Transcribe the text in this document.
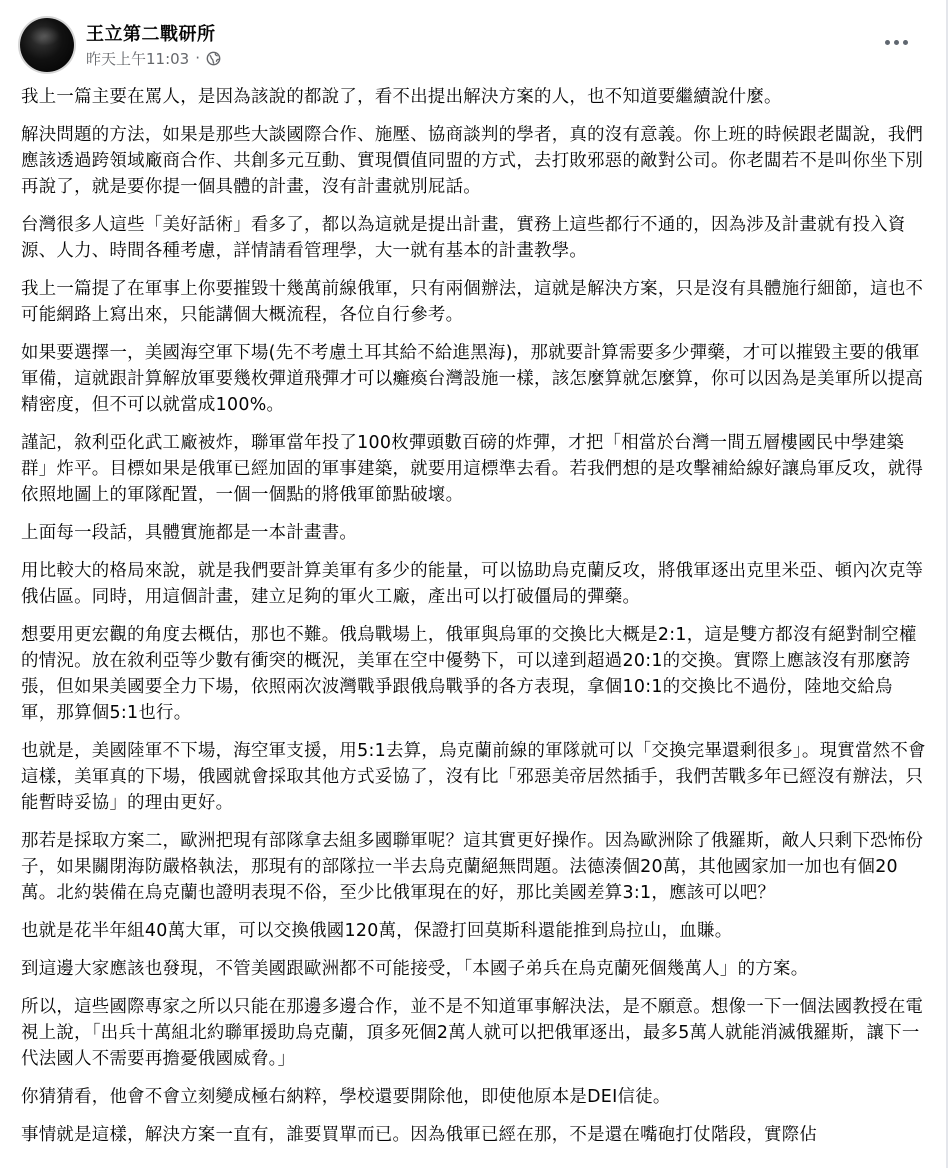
王立第二戰研所
昨天上午11:03 ·

我上一篇主要在罵人，是因為該說的都說了，看不出提出解決方案的人，也不知道要繼續說什麼。

解決問題的方法，如果是那些大談國際合作、施壓、協商談判的學者，真的沒有意義。你上班的時候跟老闆說，我們應該透過跨領域廠商合作、共創多元互動、實現價值同盟的方式，去打敗邪惡的敵對公司。你老闆若不是叫你坐下別再說了，就是要你提一個具體的計畫，沒有計畫就別屁話。

台灣很多人這些「美好話術」看多了，都以為這就是提出計畫，實務上這些都行不通的，因為涉及計畫就有投入資源、人力、時間各種考慮，詳情請看管理學，大一就有基本的計畫教學。

我上一篇提了在軍事上你要摧毀十幾萬前線俄軍，只有兩個辦法，這就是解決方案，只是沒有具體施行細節，這也不可能網路上寫出來，只能講個大概流程，各位自行參考。

如果要選擇一，美國海空軍下場(先不考慮土耳其給不給進黑海)，那就要計算需要多少彈藥，才可以摧毀主要的俄軍軍備，這就跟計算解放軍要幾枚彈道飛彈才可以癱瘓台灣設施一樣，該怎麼算就怎麼算，你可以因為是美軍所以提高精密度，但不可以就當成100%。

謹記，敘利亞化武工廠被炸，聯軍當年投了100枚彈頭數百磅的炸彈，才把「相當於台灣一間五層樓國民中學建築群」炸平。目標如果是俄軍已經加固的軍事建築，就要用這標準去看。若我們想的是攻擊補給線好讓烏軍反攻，就得依照地圖上的軍隊配置，一個一個點的將俄軍節點破壞。

上面每一段話，具體實施都是一本計畫書。

用比較大的格局來說，就是我們要計算美軍有多少的能量，可以協助烏克蘭反攻，將俄軍逐出克里米亞、頓內次克等俄佔區。同時，用這個計畫，建立足夠的軍火工廠，產出可以打破僵局的彈藥。

想要用更宏觀的角度去概估，那也不難。俄烏戰場上，俄軍與烏軍的交換比大概是2:1，這是雙方都沒有絕對制空權的情況。放在敘利亞等少數有衝突的概況，美軍在空中優勢下，可以達到超過20:1的交換。實際上應該沒有那麼誇張，但如果美國要全力下場，依照兩次波灣戰爭跟俄烏戰爭的各方表現，拿個10:1的交換比不過份，陸地交給烏軍，那算個5:1也行。

也就是，美國陸軍不下場，海空軍支援，用5:1去算，烏克蘭前線的軍隊就可以「交換完畢還剩很多」。現實當然不會這樣，美軍真的下場，俄國就會採取其他方式妥協了，沒有比「邪惡美帝居然插手，我們苦戰多年已經沒有辦法，只能暫時妥協」的理由更好。

那若是採取方案二，歐洲把現有部隊拿去組多國聯軍呢？這其實更好操作。因為歐洲除了俄羅斯，敵人只剩下恐怖份子，如果關閉海防嚴格執法，那現有的部隊拉一半去烏克蘭絕無問題。法德湊個20萬，其他國家加一加也有個20萬。北約裝備在烏克蘭也證明表現不俗，至少比俄軍現在的好，那比美國差算3:1，應該可以吧？

也就是花半年組40萬大軍，可以交換俄國120萬，保證打回莫斯科還能推到烏拉山，血賺。

到這邊大家應該也發現，不管美國跟歐洲都不可能接受，「本國子弟兵在烏克蘭死個幾萬人」的方案。

所以，這些國際專家之所以只能在那邊多邊合作，並不是不知道軍事解決法，是不願意。想像一下一個法國教授在電視上說，「出兵十萬組北約聯軍援助烏克蘭，頂多死個2萬人就可以把俄軍逐出，最多5萬人就能消滅俄羅斯，讓下一代法國人不需要再擔憂俄國威脅。」

你猜猜看，他會不會立刻變成極右納粹，學校還要開除他，即使他原本是DEI信徒。

事情就是這樣，解決方案一直有，誰要買單而已。因為俄軍已經在那，不是還在嘴砲打仗階段，實際佔
